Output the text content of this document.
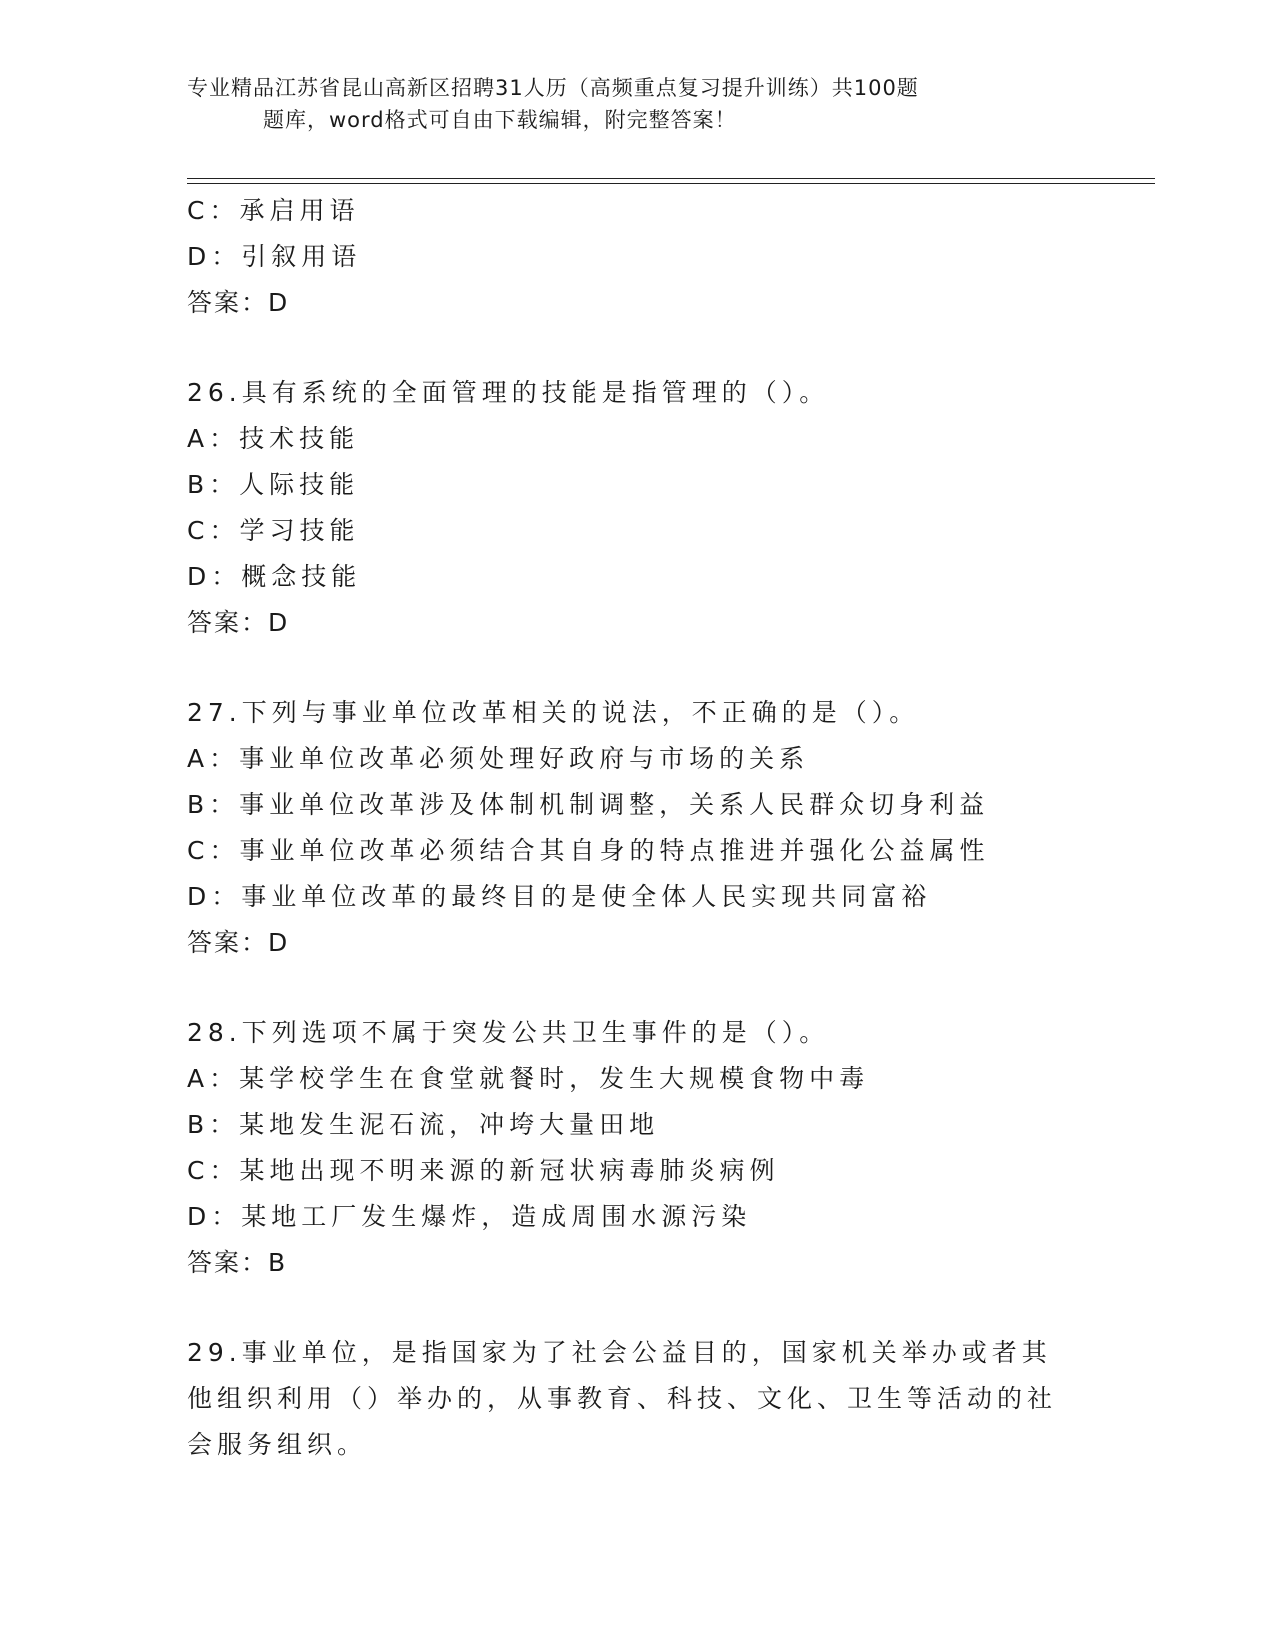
专业精品江苏省昆山高新区招聘31人历（高频重点复习提升训练）共100题
题库，word格式可自由下载编辑，附完整答案！
C：承启用语
D：引叙用语
答案：D
26.具有系统的全面管理的技能是指管理的（）。
A：技术技能
B：人际技能
C：学习技能
D：概念技能
答案：D
27.下列与事业单位改革相关的说法，不正确的是（）。
A：事业单位改革必须处理好政府与市场的关系
B：事业单位改革涉及体制机制调整，关系人民群众切身利益
C：事业单位改革必须结合其自身的特点推进并强化公益属性
D：事业单位改革的最终目的是使全体人民实现共同富裕
答案：D
28.下列选项不属于突发公共卫生事件的是（）。
A：某学校学生在食堂就餐时，发生大规模食物中毒
B：某地发生泥石流，冲垮大量田地
C：某地出现不明来源的新冠状病毒肺炎病例
D：某地工厂发生爆炸，造成周围水源污染
答案：B
29.事业单位，是指国家为了社会公益目的，国家机关举办或者其他组织利用（）举办的，从事教育、科技、文化、卫生等活动的社会服务组织。
